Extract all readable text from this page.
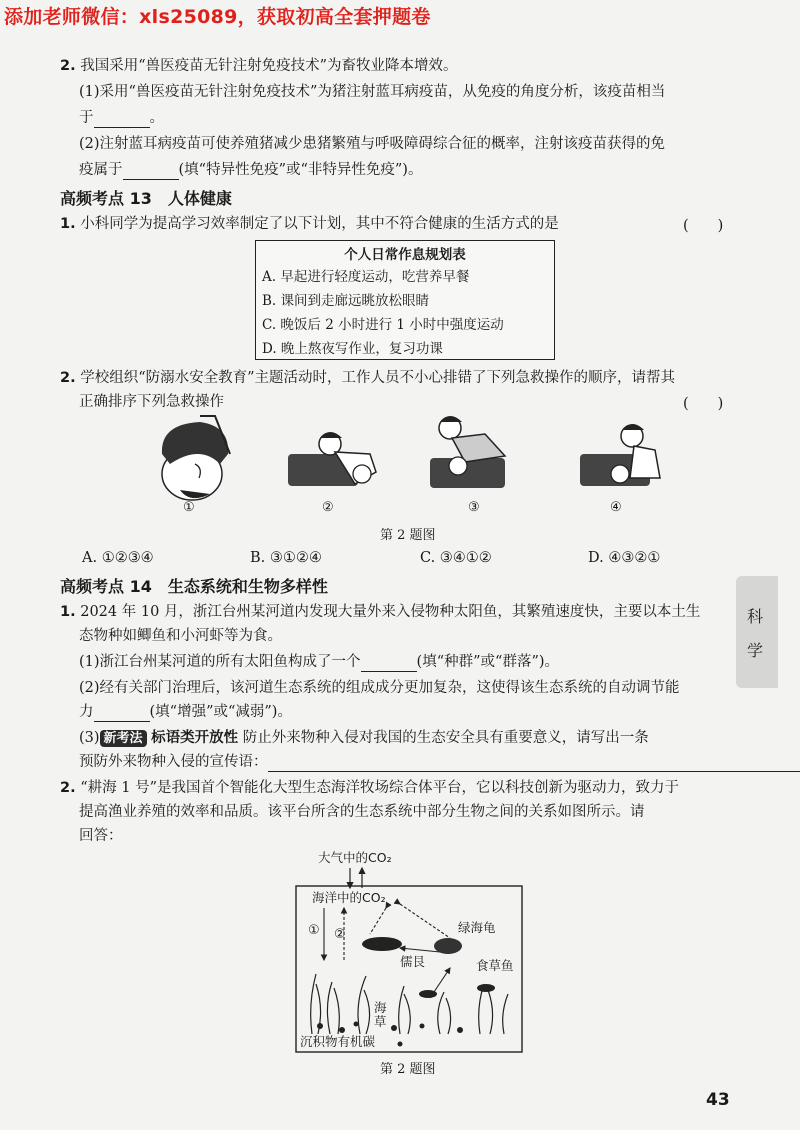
添加老师微信：xls25089，获取初高全套押题卷
2. 我国采用“兽医疫苗无针注射免疫技术”为畜牧业降本增效。
(1)采用“兽医疫苗无针注射免疫技术”为猪注射蓝耳病疫苗，从免疫的角度分析，该疫苗相当
于	。
(2)注射蓝耳病疫苗可使养殖猪减少患猪繁殖与呼吸障碍综合征的概率，注射该疫苗获得的免
疫属于	(填“特异性免疫”或“非特异性免疫”)。
高频考点 13　人体健康
1. 小科同学为提高学习效率制定了以下计划，其中不符合健康的生活方式的是	(　　)
个人日常作息规划表
A. 早起进行轻度运动，吃营养早餐
B. 课间到走廊远眺放松眼睛
C. 晚饭后 2 小时进行 1 小时中强度运动
D. 晚上熬夜写作业，复习功课
2. 学校组织“防溺水安全教育”主题活动时，工作人员不小心排错了下列急救操作的顺序，请帮其
正确排序下列急救操作	(　　)
①	②	③	④
第 2 题图
A. ①②③④	B. ③①②④	C. ③④①②	D. ④③②①
高频考点 14　生态系统和生物多样性
1. 2024 年 10 月，浙江台州某河道内发现大量外来入侵物种太阳鱼，其繁殖速度快，主要以本土生
态物种如鲫鱼和小河虾等为食。
(1)浙江台州某河道的所有太阳鱼构成了一个	(填“种群”或“群落”)。
(2)经有关部门治理后，该河道生态系统的组成成分更加复杂，这使得该生态系统的自动调节能
力	(填“增强”或“减弱”)。
(3) 新考法 标语类开放性 防止外来物种入侵对我国的生态安全具有重要意义，请写出一条
预防外来物种入侵的宣传语：
2. “耕海 1 号”是我国首个智能化大型生态海洋牧场综合体平台，它以科技创新为驱动力，致力于
提高渔业养殖的效率和品质。该平台所含的生态系统中部分生物之间的关系如图所示。请
回答：
大气中的CO₂
海洋中的CO₂
绿海龟
儒艮	食草鱼
① ②
海
草
沉积物有机碳
第 2 题图
科
学
43
